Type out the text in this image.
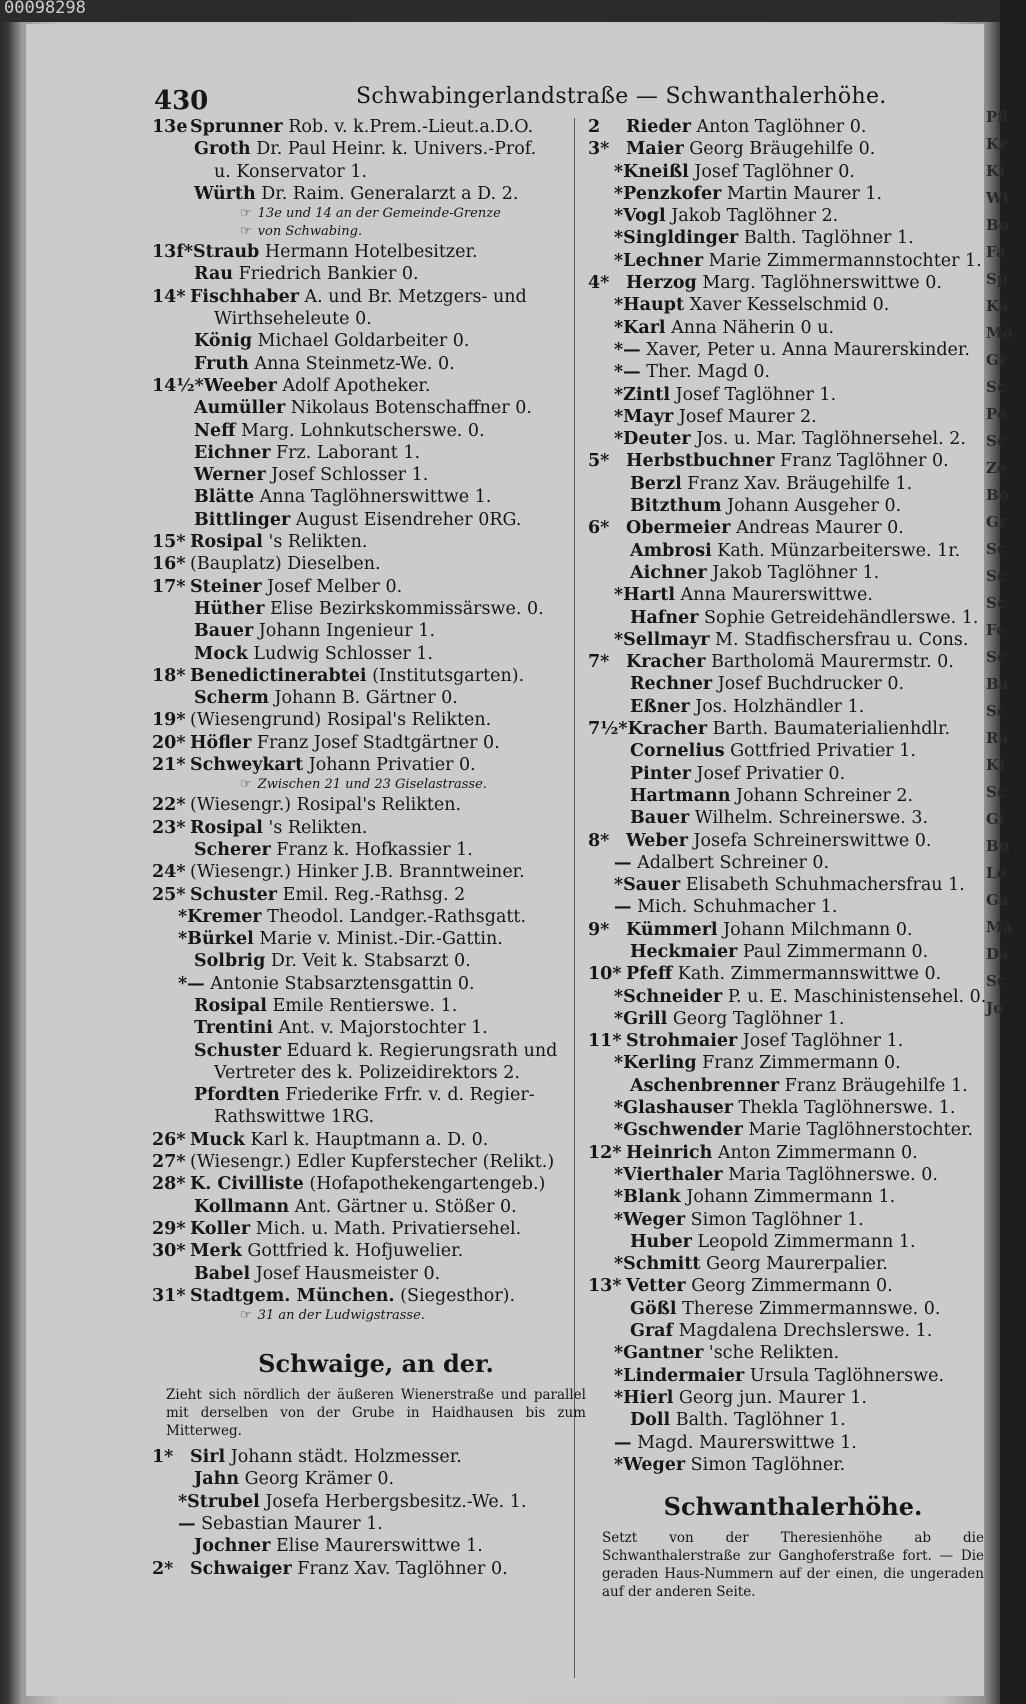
00098298
430	Schwabingerlandstraße — Schwanthalerhöhe.
13e Sprunner Rob. v. k.Prem.-Lieut.a.D.O.
Groth Dr. Paul Heinr. k. Univers.-Prof.
u. Konservator 1.
Würth Dr. Raim. Generalarzt a D. 2.
☞ 13e und 14 an der Gemeinde-Grenze
☞ von Schwabing.
13f*Straub Hermann Hotelbesitzer.
Rau Friedrich Bankier 0.
14* Fischhaber A. und Br. Metzgers- und
Wirthseheleute 0.
König Michael Goldarbeiter 0.
Fruth Anna Steinmetz-We. 0.
14½*Weeber Adolf Apotheker.
Aumüller Nikolaus Botenschaffner 0.
Neff Marg. Lohnkutscherswe. 0.
Eichner Frz. Laborant 1.
Werner Josef Schlosser 1.
Blätte Anna Taglöhnerswittwe 1.
Bittlinger August Eisendreher 0RG.
15* Rosipal 's Relikten.
16* (Bauplatz) Dieselben.
17* Steiner Josef Melber 0.
Hüther Elise Bezirkskommissärswe. 0.
Bauer Johann Ingenieur 1.
Mock Ludwig Schlosser 1.
18* Benedictinerabtei (Institutsgarten).
Scherm Johann B. Gärtner 0.
19* (Wiesengrund) Rosipal's Relikten.
20* Höfler Franz Josef Stadtgärtner 0.
21* Schweykart Johann Privatier 0.
☞ Zwischen 21 und 23 Giselastrasse.
22* (Wiesengr.) Rosipal's Relikten.
23* Rosipal 's Relikten.
Scherer Franz k. Hofkassier 1.
24* (Wiesengr.) Hinker J.B. Branntweiner.
25* Schuster Emil. Reg.-Rathsg. 2
*Kremer Theodol. Landger.-Rathsgatt.
*Bürkel Marie v. Minist.-Dir.-Gattin.
Solbrig Dr. Veit k. Stabsarzt 0.
*— Antonie Stabsarztensgattin 0.
Rosipal Emile Rentierswe. 1.
Trentini Ant. v. Majorstochter 1.
Schuster Eduard k. Regierungsrath und
Vertreter des k. Polizeidirektors 2.
Pfordten Friederike Frfr. v. d. Regier-
Rathswittwe 1RG.
26* Muck Karl k. Hauptmann a. D. 0.
27* (Wiesengr.) Edler Kupferstecher (Relikt.)
28* K. Civilliste (Hofapothekengartengeb.)
Kollmann Ant. Gärtner u. Stößer 0.
29* Koller Mich. u. Math. Privatiersehel.
30* Merk Gottfried k. Hofjuwelier.
Babel Josef Hausmeister 0.
31* Stadtgem. München. (Siegesthor).
☞ 31 an der Ludwigstrasse.
Schwaige, an der.
Zieht sich nördlich der äußeren Wienerstraße und parallel mit derselben von der Grube in Haidhausen bis zum Mitterweg.
1* Sirl Johann städt. Holzmesser.
Jahn Georg Krämer 0.
*Strubel Josefa Herbergsbesitz.-We. 1.
— Sebastian Maurer 1.
Jochner Elise Maurerswittwe 1.
2* Schwaiger Franz Xav. Taglöhner 0.
2 Rieder Anton Taglöhner 0.
3* Maier Georg Bräugehilfe 0.
*Kneißl Josef Taglöhner 0.
*Penzkofer Martin Maurer 1.
*Vogl Jakob Taglöhner 2.
*Singldinger Balth. Taglöhner 1.
*Lechner Marie Zimmermannstochter 1.
4* Herzog Marg. Taglöhnerswittwe 0.
*Haupt Xaver Kesselschmid 0.
*Karl Anna Näherin 0 u.
*— Xaver, Peter u. Anna Maurerskinder.
*— Ther. Magd 0.
*Zintl Josef Taglöhner 1.
*Mayr Josef Maurer 2.
*Deuter Jos. u. Mar. Taglöhnersehel. 2.
5* Herbstbuchner Franz Taglöhner 0.
Berzl Franz Xav. Bräugehilfe 1.
Bitzthum Johann Ausgeher 0.
6* Obermeier Andreas Maurer 0.
Ambrosi Kath. Münzarbeiterswe. 1r.
Aichner Jakob Taglöhner 1.
*Hartl Anna Maurerswittwe.
Hafner Sophie Getreidehändlerswe. 1.
*Sellmayr M. Stadfischersfrau u. Cons.
7* Kracher Bartholomä Maurermstr. 0.
Rechner Josef Buchdrucker 0.
Eßner Jos. Holzhändler 1.
7½*Kracher Barth. Baumaterialienhdlr.
Cornelius Gottfried Privatier 1.
Pinter Josef Privatier 0.
Hartmann Johann Schreiner 2.
Bauer Wilhelm. Schreinerswe. 3.
8* Weber Josefa Schreinerswittwe 0.
— Adalbert Schreiner 0.
*Sauer Elisabeth Schuhmachersfrau 1.
— Mich. Schuhmacher 1.
9* Kümmerl Johann Milchmann 0.
Heckmaier Paul Zimmermann 0.
10* Pfeff Kath. Zimmermannswittwe 0.
*Schneider P. u. E. Maschinistensehel. 0.
*Grill Georg Taglöhner 1.
11* Strohmaier Josef Taglöhner 1.
*Kerling Franz Zimmermann 0.
Aschenbrenner Franz Bräugehilfe 1.
*Glashauser Thekla Taglöhnerswe. 1.
*Gschwender Marie Taglöhnerstochter.
12* Heinrich Anton Zimmermann 0.
*Vierthaler Maria Taglöhnerswe. 0.
*Blank Johann Zimmermann 1.
*Weger Simon Taglöhner 1.
Huber Leopold Zimmermann 1.
*Schmitt Georg Maurerpalier.
13* Vetter Georg Zimmermann 0.
Gößl Therese Zimmermannswe. 0.
Graf Magdalena Drechslerswe. 1.
*Gantner 'sche Relikten.
*Lindermaier Ursula Taglöhnerswe.
*Hierl Georg jun. Maurer 1.
Doll Balth. Taglöhner 1.
— Magd. Maurerswittwe 1.
*Weger Simon Taglöhner.
Schwanthalerhöhe.
Setzt von der Theresienhöhe ab die Schwanthalerstraße zur Ganghoferstraße fort. — Die geraden Haus-Nummern auf der einen, die ungeraden auf der anderen Seite.
Pfi
Kr
Ki
Wi
Bo
Fa
Sp
Ka
Mo
Gr
Sc
Pe
Sc
Ze
Bo
Gr
Sc
Sc
Sc
Fe
Sc
Ba
Sc
Ra
Ki
Sc
Gi
Bu
Le
Ga
Ma
Da
Sc
Jo
